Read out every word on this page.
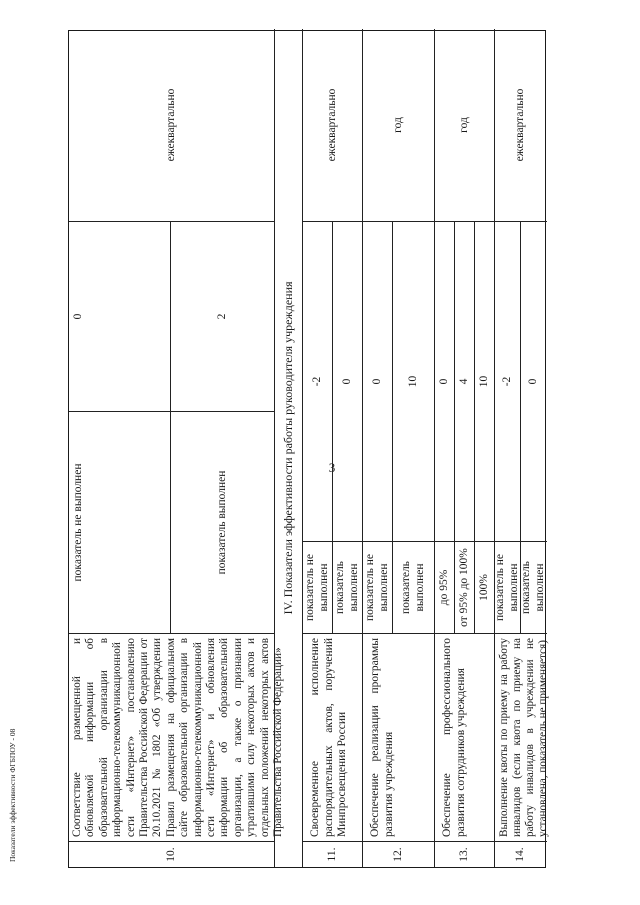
3
Показатели эффективности ФГБПОУ - 08	10.
Соответствие размещенной и обновляемой информации об образовательной организации в информационно-телекоммуникационной сети «Интернет» постановлению Правительства Российской Федерации от 20.10.2021 № 1802 «Об утверждении Правил размещения на официальном сайте образовательной организации в информационно-телекоммуникационной сети «Интернет» и обновления информации об образовательной организации, а также о признании утратившими силу некоторых актов и отдельных положений некоторых актов Правительства Российской Федерации»
показатель не выполнен
0
показатель выполнен
2
ежеквартально
IV. Показатели эффективности работы руководителя учреждения
11.
Своевременное исполнение распорядительных актов, поручений Минпросвещения России
показатель не выполнен
-2
показатель выполнен
0
ежеквартально
12.
Обеспечение реализации программы развития учреждения
показатель не выполнен
0
показатель выполнен
10
год
13.
Обеспечение профессионального развития сотрудников учреждения
до 95%
0
от 95% до 100%
4
100%
10
год
14.
Выполнение квоты по приему на работу инвалидов (если квота по приему на работу инвалидов в учреждении не установлена, показатель не применяется)
показатель не выполнен
-2
показатель выполнен
0
ежеквартально
